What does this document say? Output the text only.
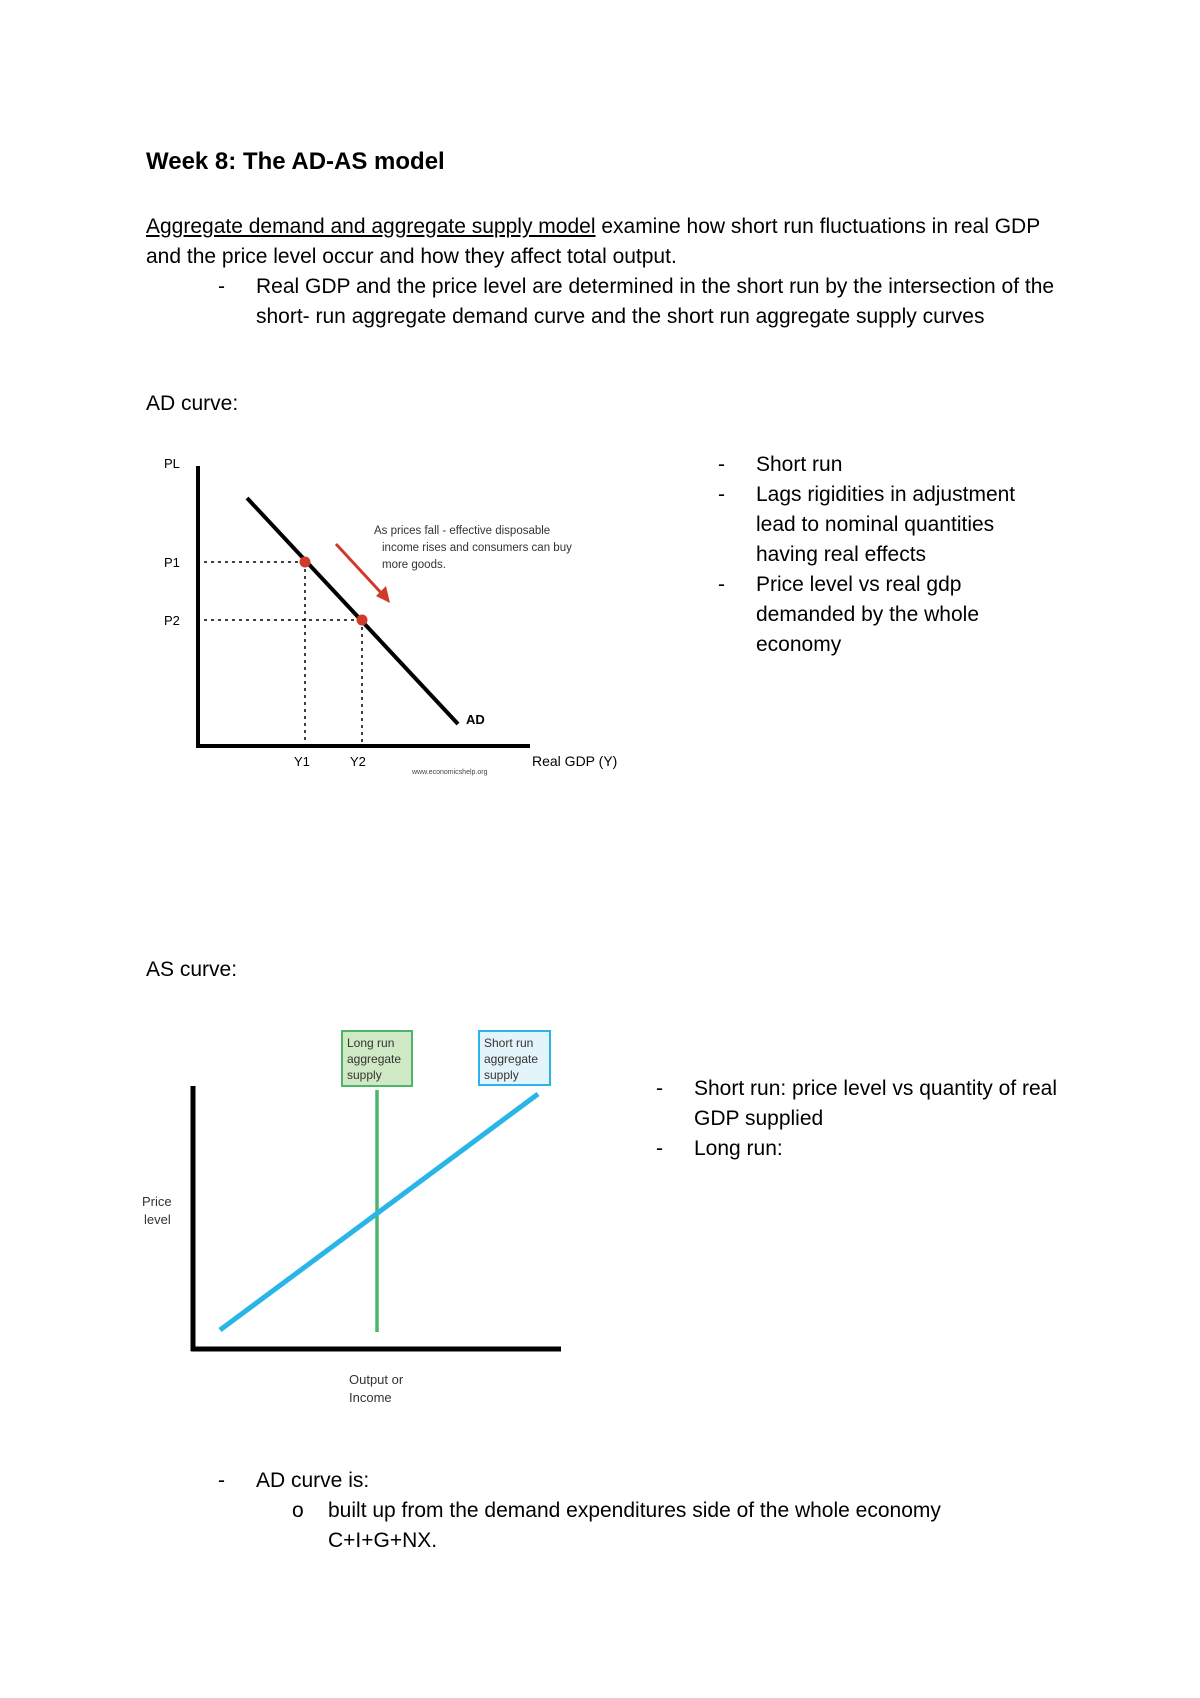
Week 8: The AD-AS model
Aggregate demand and aggregate supply model examine how short run fluctuations in real GDP and the price level occur and how they affect total output.
- Real GDP and the price level are determined in the short run by the intersection of the short- run aggregate demand curve and the short run aggregate supply curves
AD curve:
PL
P1
P2
Y1	Y2
AD
Real GDP (Y)
As prices fall - effective disposable
income rises and consumers can buy
more goods.
www.economicshelp.org
- Short run
- Lags rigidities in adjustment lead to nominal quantities having real effects
- Price level vs real gdp demanded by the whole economy
AS curve:
Long run
aggregate
supply
Short run
aggregate
supply
Price
level
Output or
Income
- Short run: price level vs quantity of real GDP supplied
- Long run:
- AD curve is:
o built up from the demand expenditures side of the whole economy
C+I+G+NX.
